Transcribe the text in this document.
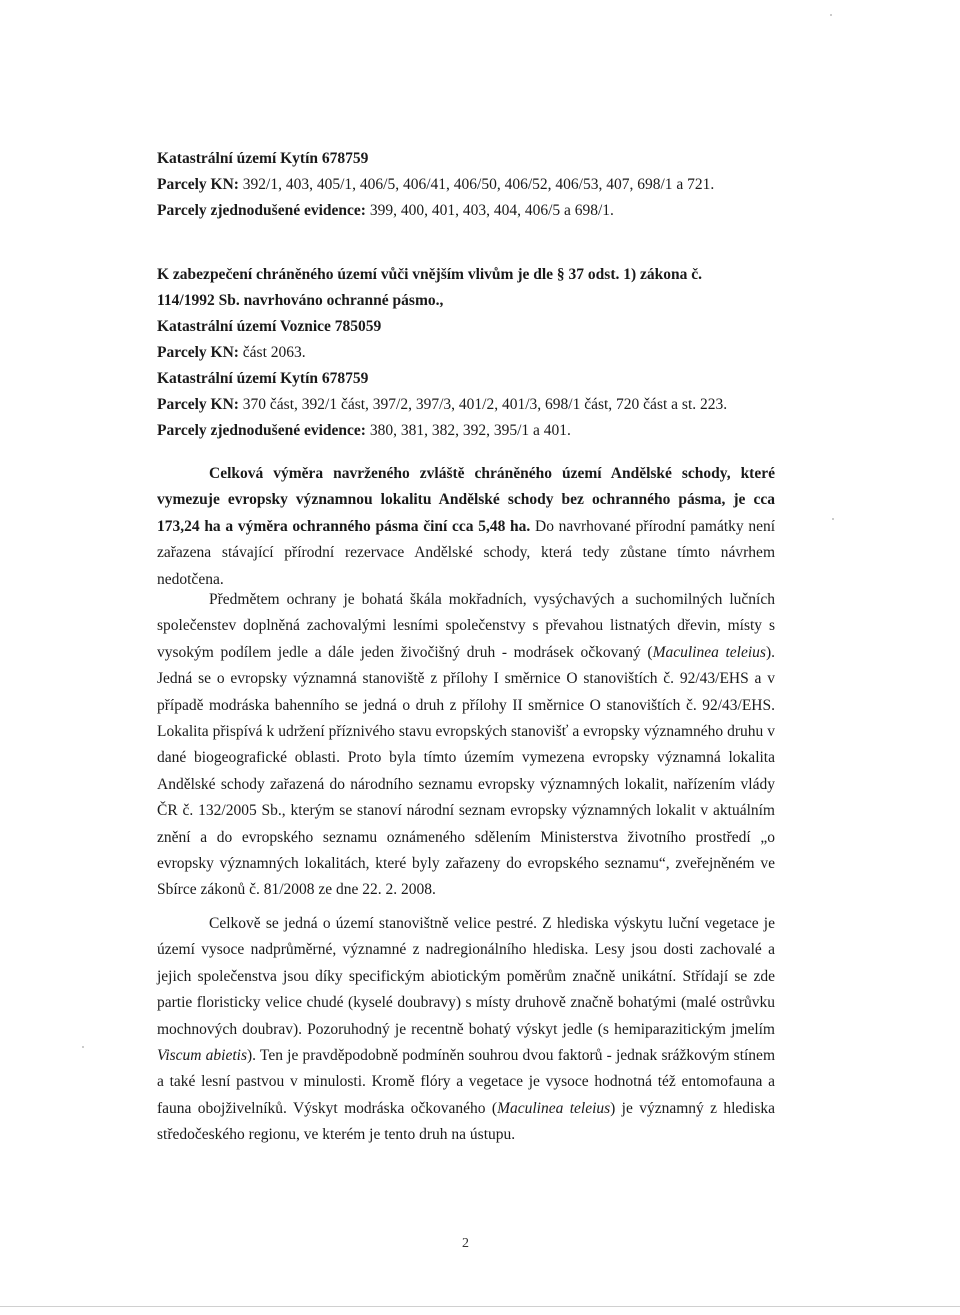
Katastrální území Kytín 678759
Parcely KN: 392/1, 403, 405/1, 406/5, 406/41, 406/50, 406/52, 406/53, 407, 698/1 a 721.
Parcely zjednodušené evidence: 399, 400, 401, 403, 404, 406/5 a 698/1.
K zabezpečení chráněného území vůči vnějším vlivům je dle § 37 odst. 1) zákona č.
114/1992 Sb. navrhováno ochranné pásmo.,
Katastrální území Voznice 785059
Parcely KN: část 2063.
Katastrální území Kytín 678759
Parcely KN: 370 část, 392/1 část, 397/2, 397/3, 401/2, 401/3, 698/1 část, 720 část a st. 223.
Parcely zjednodušené evidence: 380, 381, 382, 392, 395/1 a 401.
Celková výměra navrženého zvláště chráněného území Andělské schody, které vymezuje evropsky významnou lokalitu Andělské schody bez ochranného pásma, je cca 173,24 ha a výměra ochranného pásma činí cca 5,48 ha. Do navrhované přírodní památky není zařazena stávající přírodní rezervace Andělské schody, která tedy zůstane tímto návrhem nedotčena.
Předmětem ochrany je bohatá škála mokřadních, vysýchavých a suchomilných lučních společenstev doplněná zachovalými lesními společenstvy s převahou listnatých dřevin, místy s vysokým podílem jedle a dále jeden živočišný druh - modrásek očkovaný (Maculinea teleius). Jedná se o evropsky významná stanoviště z přílohy I směrnice O stanovištích č. 92/43/EHS a v případě modráska bahenního se jedná o druh z přílohy II směrnice O stanovištích č. 92/43/EHS. Lokalita přispívá k udržení příznivého stavu evropských stanovišť a evropsky významného druhu v dané biogeografické oblasti. Proto byla tímto územím vymezena evropsky významná lokalita Andělské schody zařazená do národního seznamu evropsky významných lokalit, nařízením vlády ČR č. 132/2005 Sb., kterým se stanoví národní seznam evropsky významných lokalit v aktuálním znění a do evropského seznamu oznámeného sdělením Ministerstva životního prostředí „o evropsky významných lokalitách, které byly zařazeny do evropského seznamu“, zveřejněném ve Sbírce zákonů č. 81/2008 ze dne 22. 2. 2008.
Celkově se jedná o území stanovištně velice pestré. Z hlediska výskytu luční vegetace je území vysoce nadprůměrné, významné z nadregionálního hlediska. Lesy jsou dosti zachovalé a jejich společenstva jsou díky specifickým abiotickým poměrům značně unikátní. Střídají se zde partie floristicky velice chudé (kyselé doubravy) s místy druhově značně bohatými (malé ostrůvku mochnových doubrav). Pozoruhodný je recentně bohatý výskyt jedle (s hemiparazitickým jmelím Viscum abietis). Ten je pravděpodobně podmíněn souhrou dvou faktorů - jednak srážkovým stínem a také lesní pastvou v minulosti. Kromě flóry a vegetace je vysoce hodnotná též entomofauna a fauna obojživelníků. Výskyt modráska očkovaného (Maculinea teleius) je významný z hlediska středočeského regionu, ve kterém je tento druh na ústupu.
2
